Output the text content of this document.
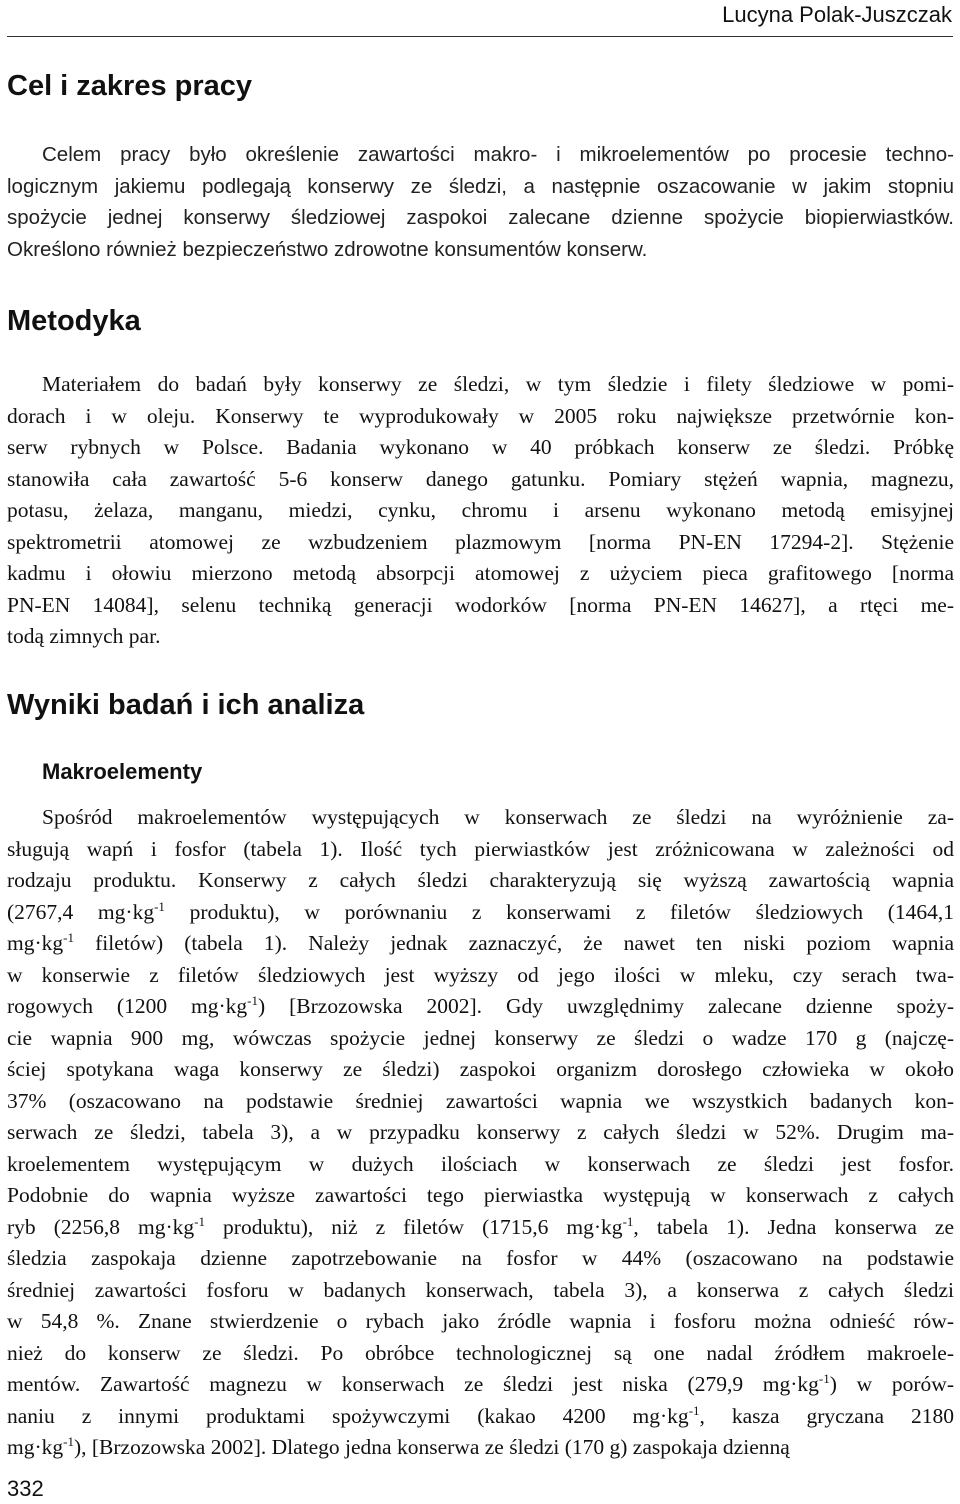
Lucyna Polak-Juszczak
Cel i zakres pracy
Celem pracy było określenie zawartości makro- i mikroelementów po procesie techno-
logicznym jakiemu podlegają konserwy ze śledzi, a następnie oszacowanie w jakim stopniu
spożycie jednej konserwy śledziowej zaspokoi zalecane dzienne spożycie biopierwiastków.
Określono również bezpieczeństwo zdrowotne konsumentów konserw.
Metodyka
Materiałem do badań były konserwy ze śledzi, w tym śledzie i filety śledziowe w pomi-
dorach i w oleju. Konserwy te wyprodukowały w 2005 roku największe przetwórnie kon-
serw rybnych w Polsce. Badania wykonano w 40 próbkach konserw ze śledzi. Próbkę
stanowiła cała zawartość 5-6 konserw danego gatunku. Pomiary stężeń wapnia, magnezu,
potasu, żelaza, manganu, miedzi, cynku, chromu i arsenu wykonano metodą emisyjnej
spektrometrii atomowej ze wzbudzeniem plazmowym [norma PN-EN 17294-2]. Stężenie
kadmu i ołowiu mierzono metodą absorpcji atomowej z użyciem pieca grafitowego [norma
PN-EN 14084], selenu techniką generacji wodorków [norma PN-EN 14627], a rtęci me-
todą zimnych par.
Wyniki badań i ich analiza
Makroelementy
Spośród makroelementów występujących w konserwach ze śledzi na wyróżnienie za-
sługują wapń i fosfor (tabela 1). Ilość tych pierwiastków jest zróżnicowana w zależności od
rodzaju produktu. Konserwy z całych śledzi charakteryzują się wyższą zawartością wapnia
(2767,4 $mg\cdot kg^{-1}$ produktu), w porównaniu z konserwami z filetów śledziowych (1464,1
$mg\cdot kg^{-1}$ filetów) (tabela 1). Należy jednak zaznaczyć, że nawet ten niski poziom wapnia
w konserwie z filetów śledziowych jest wyższy od jego ilości w mleku, czy serach twa-
rogowych (1200 $mg\cdot kg^{-1}$) [Brzozowska 2002]. Gdy uwzględnimy zalecane dzienne spoży-
cie wapnia 900 mg, wówczas spożycie jednej konserwy ze śledzi o wadze 170 g (najczę-
ściej spotykana waga konserwy ze śledzi) zaspokoi organizm dorosłego człowieka w około
37% (oszacowano na podstawie średniej zawartości wapnia we wszystkich badanych kon-
serwach ze śledzi, tabela 3), a w przypadku konserwy z całych śledzi w 52%. Drugim ma-
kroelementem występującym w dużych ilościach w konserwach ze śledzi jest fosfor.
Podobnie do wapnia wyższe zawartości tego pierwiastka występują w konserwach z całych
ryb (2256,8 $mg\cdot kg^{-1}$ produktu), niż z filetów (1715,6 $mg\cdot kg^{-1}$, tabela 1). Jedna konserwa ze
śledzia zaspokaja dzienne zapotrzebowanie na fosfor w 44% (oszacowano na podstawie
średniej zawartości fosforu w badanych konserwach, tabela 3), a konserwa z całych śledzi
w 54,8 %. Znane stwierdzenie o rybach jako źródle wapnia i fosforu można odnieść rów-
nież do konserw ze śledzi. Po obróbce technologicznej są one nadal źródłem makroele-
mentów. Zawartość magnezu w konserwach ze śledzi jest niska (279,9 $mg\cdot kg^{-1}$) w porów-
naniu z innymi produktami spożywczymi (kakao 4200 $mg\cdot kg^{-1}$, kasza gryczana 2180
$mg\cdot kg^{-1}$), [Brzozowska 2002]. Dlatego jedna konserwa ze śledzi (170 g) zaspokaja dzienną
332
